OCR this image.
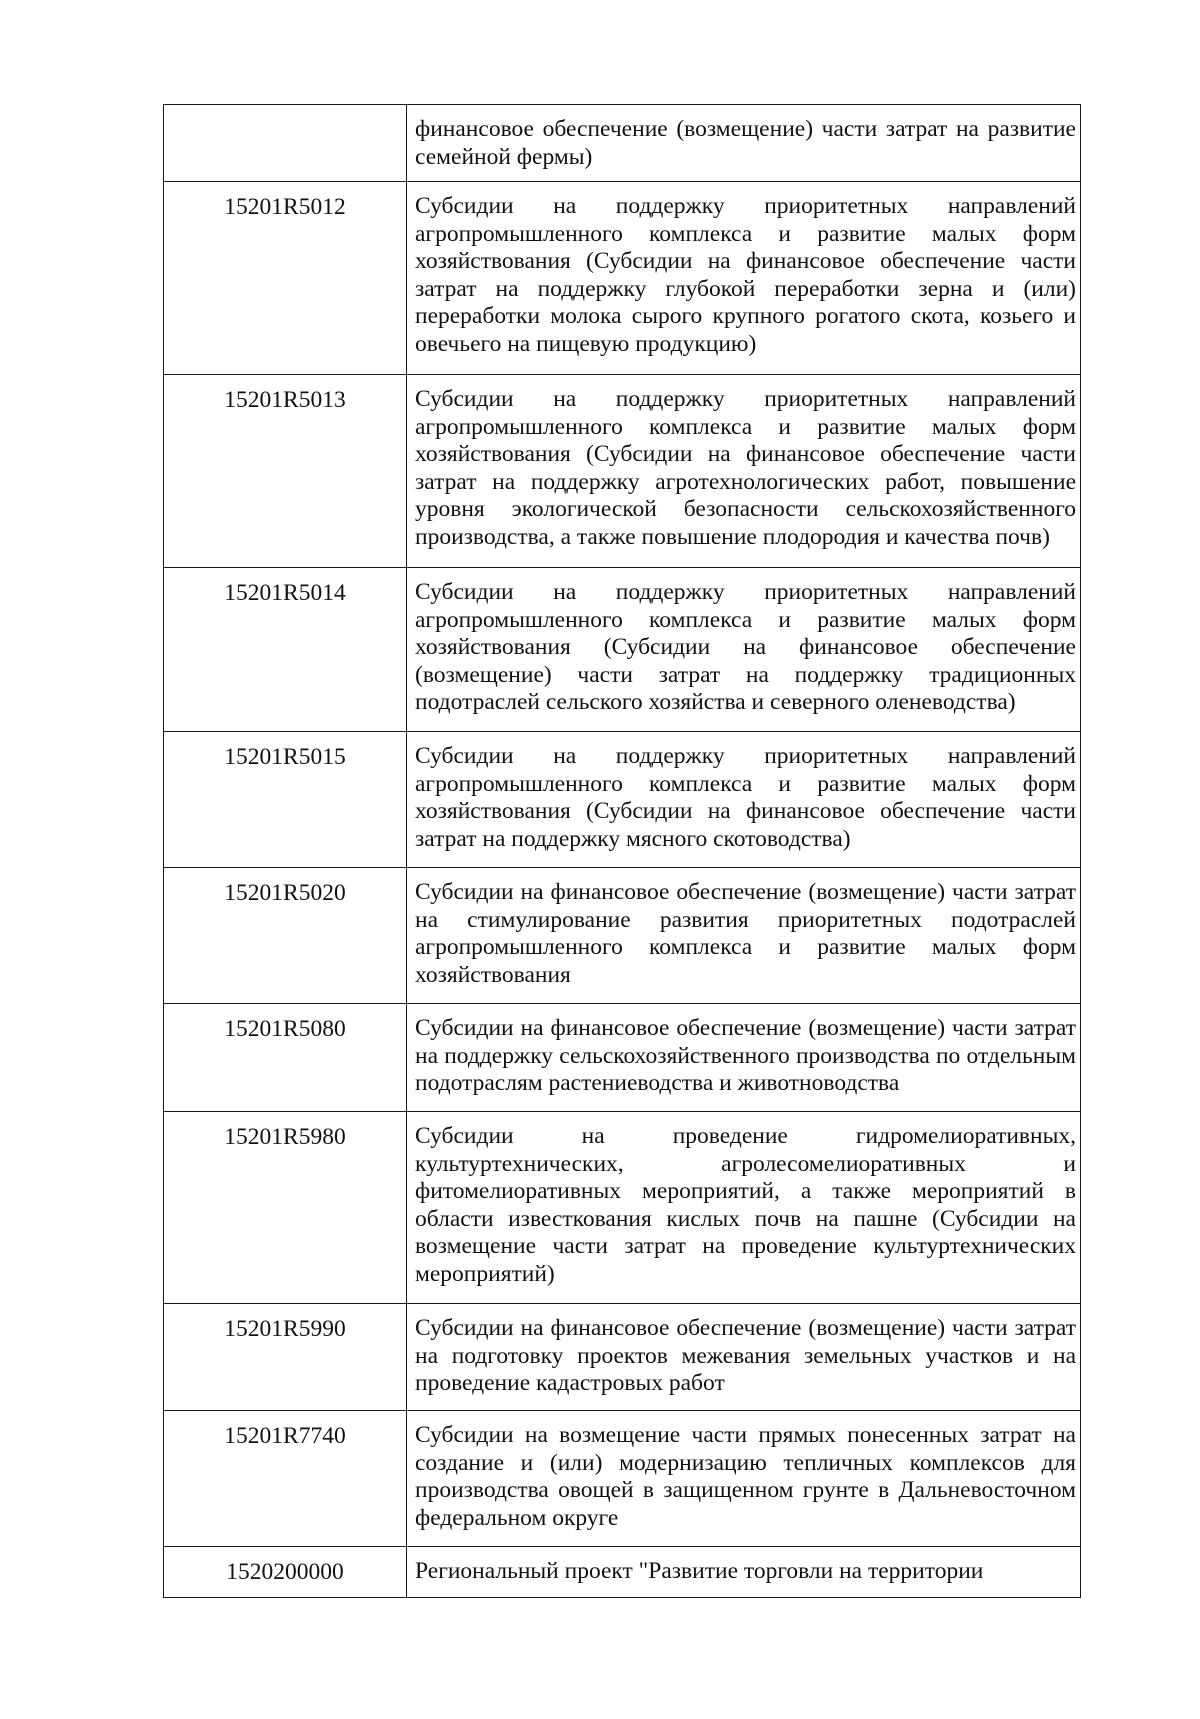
	финансовое обеспечение (возмещение) части затрат на развитие семейной фермы)
15201R5012	Субсидии на поддержку приоритетных направлений агропромышленного комплекса и развитие малых форм хозяйствования (Субсидии на финансовое обеспечение части затрат на поддержку глубокой переработки зерна и (или) переработки молока сырого крупного рогатого скота, козьего и овечьего на пищевую продукцию)
15201R5013	Субсидии на поддержку приоритетных направлений агропромышленного комплекса и развитие малых форм хозяйствования (Субсидии на финансовое обеспечение части затрат на поддержку агротехнологических работ, повышение уровня экологической безопасности сельскохозяйственного производства, а также повышение плодородия и качества почв)
15201R5014	Субсидии на поддержку приоритетных направлений агропромышленного комплекса и развитие малых форм хозяйствования (Субсидии на финансовое обеспечение (возмещение) части затрат на поддержку традиционных подотраслей сельского хозяйства и северного оленеводства)
15201R5015	Субсидии на поддержку приоритетных направлений агропромышленного комплекса и развитие малых форм хозяйствования (Субсидии на финансовое обеспечение части затрат на поддержку мясного скотоводства)
15201R5020	Субсидии на финансовое обеспечение (возмещение) части затрат на стимулирование развития приоритетных подотраслей агропромышленного комплекса и развитие малых форм хозяйствования
15201R5080	Субсидии на финансовое обеспечение (возмещение) части затрат на поддержку сельскохозяйственного производства по отдельным подотраслям растениеводства и животноводства
15201R5980	Субсидии на проведение гидромелиоративных, культуртехнических, агролесомелиоративных и фитомелиоративных мероприятий, а также мероприятий в области известкования кислых почв на пашне (Субсидии на возмещение части затрат на проведение культуртехнических мероприятий)
15201R5990	Субсидии на финансовое обеспечение (возмещение) части затрат на подготовку проектов межевания земельных участков и на проведение кадастровых работ
15201R7740	Субсидии на возмещение части прямых понесенных затрат на создание и (или) модернизацию тепличных комплексов для производства овощей в защищенном грунте в Дальневосточном федеральном округе
1520200000	Региональный проект "Развитие торговли на территории
